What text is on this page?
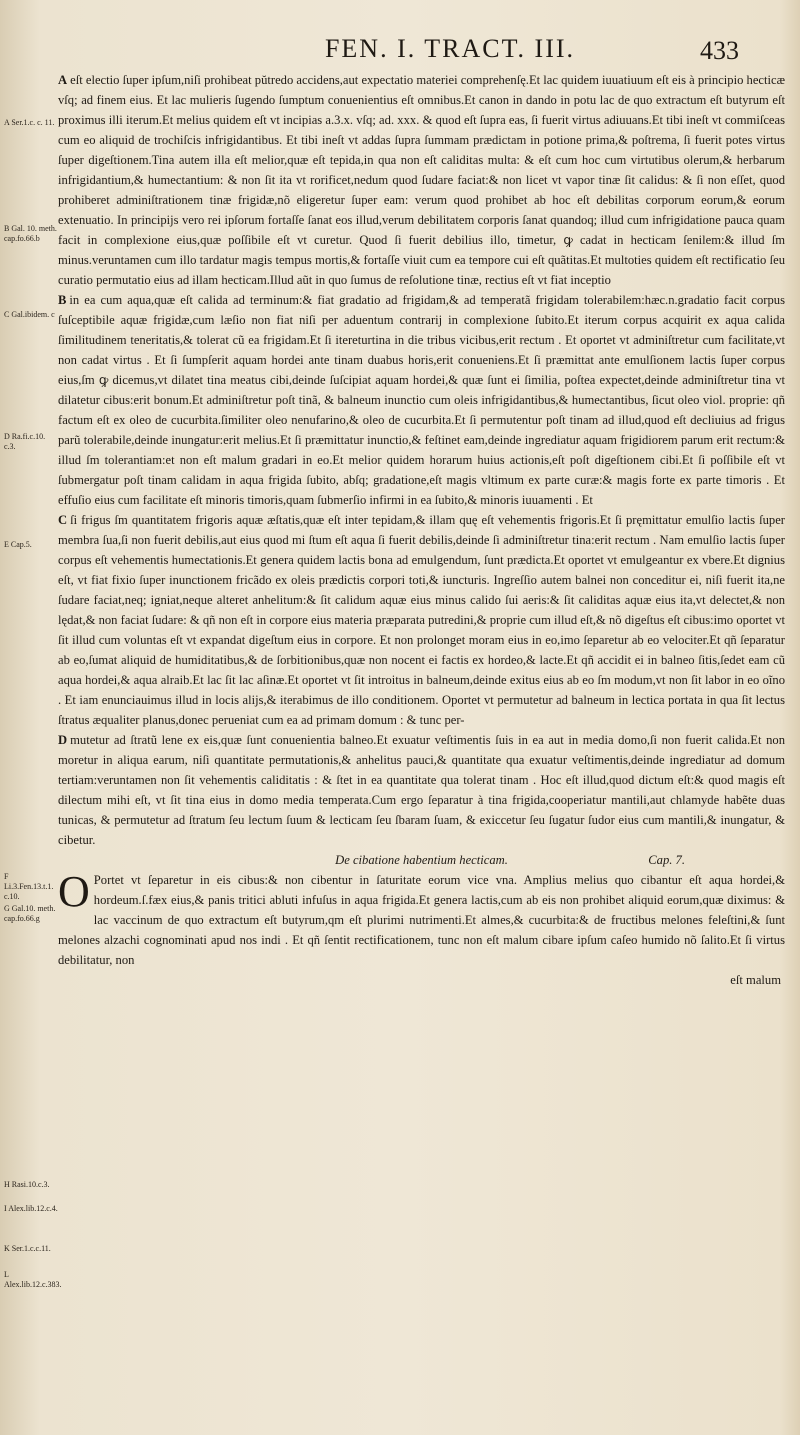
FEN. I. TRACT. III.	433
A Ser.1.c. c. 11.
B Gal. 10. meth. cap.fo.66.b
C Gal.ibidem. c
D Ra.fi.c.10. c.3.
E Cap.5.
F Li.3.Fen.13.t.1. c.10.
G Gal.10. meth. cap.fo.66.g
H Rasi.10.c.3.
I Alex.lib.12.c.4.
K Ser.1.c.c.11.
L Alex.lib.12.c.383.

A eſt electio ſuper ipſum,niſi prohibeat pŭtredo accidens,aut expectatio materiei comprehenſę.Et lac quidem iuuatiuum eſt eis à principio hecticæ vſq; ad finem eius. Et lac mulieris ſugendo ſumptum conuenientius eſt omnibus.Et canon in dando in potu lac de quo extractum eſt butyrum eſt proximus illi iterum.Et melius quidem eſt vt incipias a.3.x. vſq; ad. xxx. & quod eſt ſupra eas, ſi fuerit virtus adiuuans.Et tibi ineſt vt commiſceas cum eo aliquid de trochiſcis infrigidantibus. Et tibi ineſt vt addas ſupra ſummam prædictam in potione prima,& poſtrema, ſi fuerit potes virtus ſuper digeſtionem.Tina autem illa eſt melior,quæ eſt tepida,in qua non eſt caliditas multa: & eſt cum hoc cum virtutibus olerum,& herbarum infrigidantium,& humectantium: & non ſit ita vt rorificet,nedum quod ſudare faciat:& non licet vt vapor tinæ ſit calidus: & ſi non eſſet, quod prohiberet adminiſtrationem tinæ frigidæ,nõ eligeretur ſuper eam: verum quod prohibet ab hoc eſt debilitas corporum eorum,& eorum extenuatio. In principijs vero rei ipſorum fortaſſe ſanat eos illud,verum debilitatem corporis ſanat quandoq; illud cum infrigidatione pauca quam facit in complexione eius,quæ poſſibile eſt vt curetur. Quod ſi fuerit debilius illo, timetur, ꝙ cadat in hecticam ſenilem:& illud ſm minus.veruntamen cum illo tardatur magis tempus mortis,& fortaſſe viuit cum ea tempore cui eſt quãtitas.Et multoties quidem eſt rectificatio ſeu curatio permutatio eius ad illam hecticam.Illud aũt in quo ſumus de reſolutione tinæ, rectius eſt vt fiat inceptio

B in ea cum aqua,quæ eſt calida ad terminum:& fiat gradatio ad frigidam,& ad temperatã frigidam tolerabilem:hæc.n.gradatio facit corpus ſuſceptibile aquæ frigidæ,cum læſio non fiat niſi per aduentum contrarij in complexione ſubito.Et iterum corpus acquirit ex aqua calida ſimilitudinem teneritatis,& tolerat cũ ea frigidam.Et ſi itereturtina in die tribus vicibus,erit rectum . Et oportet vt adminiſtretur cum facilitate,vt non cadat virtus . Et ſi ſumpſerit aquam hordei ante tinam duabus horis,erit conueniens.Et ſi præmittat ante emulſionem lactis ſuper corpus eius,ſm ꝙ dicemus,vt dilatet tina meatus cibi,deinde ſuſcipiat aquam hordei,& quæ ſunt ei ſimilia, poſtea expectet,deinde adminiſtretur tina vt dilatetur cibus:erit bonum.Et adminiſtretur poſt tinã, & balneum inunctio cum oleis infrigidantibus,& humectantibus, ſicut oleo viol. proprie: qñ factum eſt ex oleo de cucurbita.ſimiliter oleo nenufarino,& oleo de cucurbita.Et ſi permutentur poſt tinam ad illud,quod eſt decliuius ad frigus parũ tolerabile,deinde inungatur:erit melius.Et ſi præmittatur inunctio,& feſtinet eam,deinde ingrediatur aquam frigidiorem parum erit rectum:& illud ſm tolerantiam:et non eſt malum gradari in eo.Et melior quidem horarum huius actionis,eſt poſt digeſtionem cibi.Et ſi poſſibile eſt vt ſubmergatur poſt tinam calidam in aqua frigida ſubito, abſq; gradatione,eſt magis vltimum ex parte curæ:& magis forte ex parte timoris . Et effuſio eius cum facilitate eſt minoris timoris,quam ſubmerſio infirmi in ea ſubito,& minoris iuuamenti . Et

C ſi frigus ſm quantitatem frigoris aquæ æſtatis,quæ eſt inter tepidam,& illam quę eſt vehementis frigoris.Et ſi pręmittatur emulſio lactis ſuper membra ſua,ſi non fuerit debilis,aut eius quod mi ſtum eſt aqua ſi fuerit debilis,deinde ſi adminiſtretur tina:erit rectum . Nam emulſio lactis ſuper corpus eſt vehementis humectationis.Et genera quidem lactis bona ad emulgendum, ſunt prædicta.Et oportet vt emulgeantur ex vbere.Et dignius eſt, vt fiat fixio ſuper inunctionem fricãdo ex oleis prædictis corpori toti,& iuncturis. Ingreſſio autem balnei non conceditur ei, niſi fuerit ita,ne ſudare faciat,neq; igniat,neque alteret anhelitum:& ſit calidum aquæ eius minus calido ſui aeris:& ſit caliditas aquæ eius ita,vt delectet,& non lędat,& non faciat ſudare: & qñ non eſt in corpore eius materia præparata putredini,& proprie cum illud eſt,& nõ digeſtus eſt cibus:imo oportet vt ſit illud cum voluntas eſt vt expandat digeſtum eius in corpore. Et non prolonget moram eius in eo,imo ſeparetur ab eo velociter.Et qñ ſeparatur ab eo,ſumat aliquid de humiditatibus,& de ſorbitionibus,quæ non nocent ei factis ex hordeo,& lacte.Et qñ accidit ei in balneo ſitis,ſedet eam cũ aqua hordei,& aqua alraib.Et lac ſit lac aſinæ.Et oportet vt ſit introitus in balneum,deinde exitus eius ab eo ſm modum,vt non ſit labor in eo oĩno . Et iam enunciauimus illud in locis alijs,& iterabimus de illo conditionem. Oportet vt permutetur ad balneum in lectica portata in qua ſit lectus ſtratus æqualiter planus,donec perueniat cum ea ad primam domum : & tunc per-

D mutetur ad ſtratũ lene ex eis,quæ ſunt conuenientia balneo.Et exuatur veſtimentis ſuis in ea aut in media domo,ſi non fuerit calida.Et non moretur in aliqua earum, niſi quantitate permutationis,& anhelitus pauci,& quantitate qua exuatur veſtimentis,deinde ingrediatur ad domum tertiam:veruntamen non ſit vehementis caliditatis : & ſtet in ea quantitate qua tolerat tinam . Hoc eſt illud,quod dictum eſt:& quod magis eſt dilectum mihi eſt, vt ſit tina eius in domo media temperata.Cum ergo ſeparatur à tina frigida,cooperiatur mantili,aut chlamyde habẽte duas tunicas, & permutetur ad ſtratum ſeu lectum ſuum & lecticam ſeu ſbaram ſuam, & exiccetur ſeu ſugatur ſudor eius cum mantili,& inungatur, & cibetur.

De cibatione habentium hecticam.	Cap. 7.

O Portet vt ſeparetur in eis cibus:& non cibentur in ſaturitate eorum vice vna. Amplius melius quo cibantur eſt aqua hordei,& hordeum.ſ.fæx eius,& panis tritici abluti infuſus in aqua frigida.Et genera lactis,cum ab eis non prohibet aliquid eorum,quæ diximus: & lac vaccinum de quo extractum eſt butyrum,qm eſt plurimi nutrimenti.Et almes,& cucurbita:& de fructibus melones feleſtini,& ſunt melones alzachi cognominati apud nos indi . Et qñ ſentit rectificationem, tunc non eſt malum cibare ipſum caſeo humido nõ ſalito.Et ſi virtus debilitatur, non

eſt malum
